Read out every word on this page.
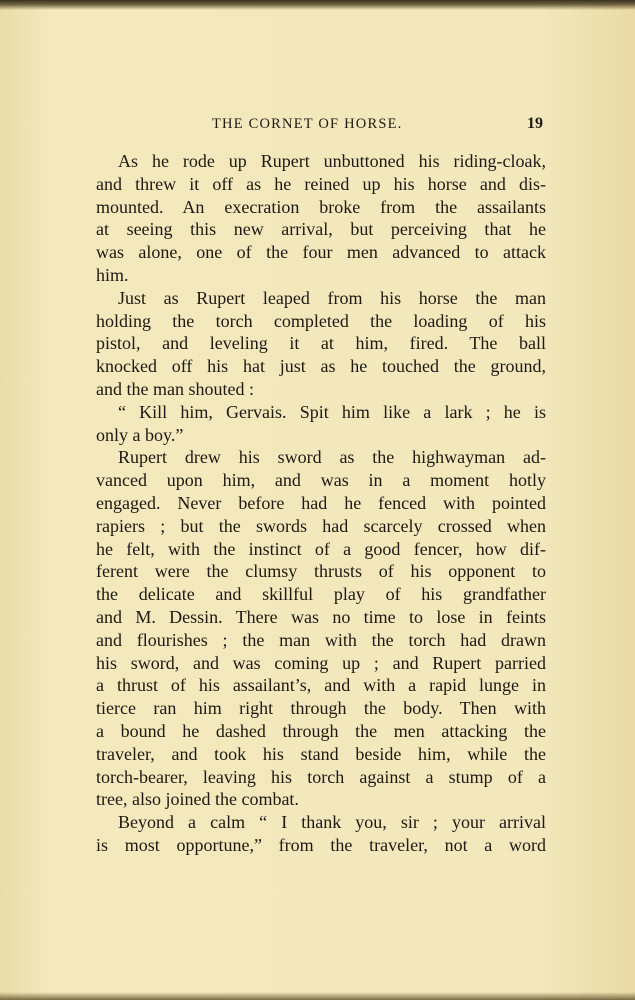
THE CORNET OF HORSE.	19
As he rode up Rupert unbuttoned his riding-cloak,
and threw it off as he reined up his horse and dis-
mounted. An execration broke from the assailants
at seeing this new arrival, but perceiving that he
was alone, one of the four men advanced to attack
him.
Just as Rupert leaped from his horse the man
holding the torch completed the loading of his
pistol, and leveling it at him, fired. The ball
knocked off his hat just as he touched the ground,
and the man shouted :
“ Kill him, Gervais. Spit him like a lark ; he is
only a boy.”
Rupert drew his sword as the highwayman ad-
vanced upon him, and was in a moment hotly
engaged. Never before had he fenced with pointed
rapiers ; but the swords had scarcely crossed when
he felt, with the instinct of a good fencer, how dif-
ferent were the clumsy thrusts of his opponent to
the delicate and skillful play of his grandfather
and M. Dessin. There was no time to lose in feints
and flourishes ; the man with the torch had drawn
his sword, and was coming up ; and Rupert parried
a thrust of his assailant’s, and with a rapid lunge in
tierce ran him right through the body. Then with
a bound he dashed through the men attacking the
traveler, and took his stand beside him, while the
torch-bearer, leaving his torch against a stump of a
tree, also joined the combat.
Beyond a calm “ I thank you, sir ; your arrival
is most opportune,” from the traveler, not a word
